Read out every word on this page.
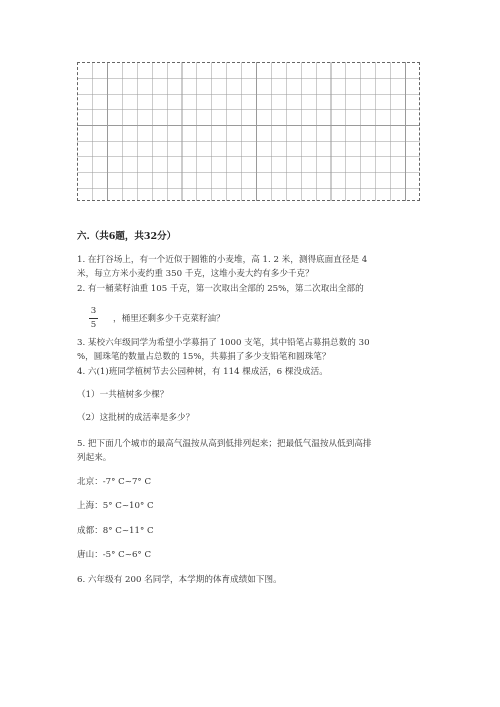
六.（共6题，共32分）
1. 在打谷场上，有一个近似于圆锥的小麦堆，高 1. 2 米，测得底面直径是 4
米，每立方米小麦约重 350 千克，这堆小麦大约有多少千克？
2. 有一桶菜籽油重 105 千克，第一次取出全部的 25%，第二次取出全部的
3
5
，桶里还剩多少千克菜籽油？
3. 某校六年级同学为希望小学募捐了 1000 支笔，其中铅笔占募捐总数的 30
%，圆珠笔的数量占总数的 15%，共募捐了多少支铅笔和圆珠笔？
4. 六(1)班同学植树节去公园种树，有 114 棵成活，6 棵没成活。
（1）一共植树多少棵？
（2）这批树的成活率是多少？
5. 把下面几个城市的最高气温按从高到低排列起来；把最低气温按从低到高排
列起来。
北京：-7° C~7° C
上海：5° C~10° C
成都：8° C~11° C
唐山：-5° C~6° C
6. 六年级有 200 名同学，本学期的体育成绩如下图。
